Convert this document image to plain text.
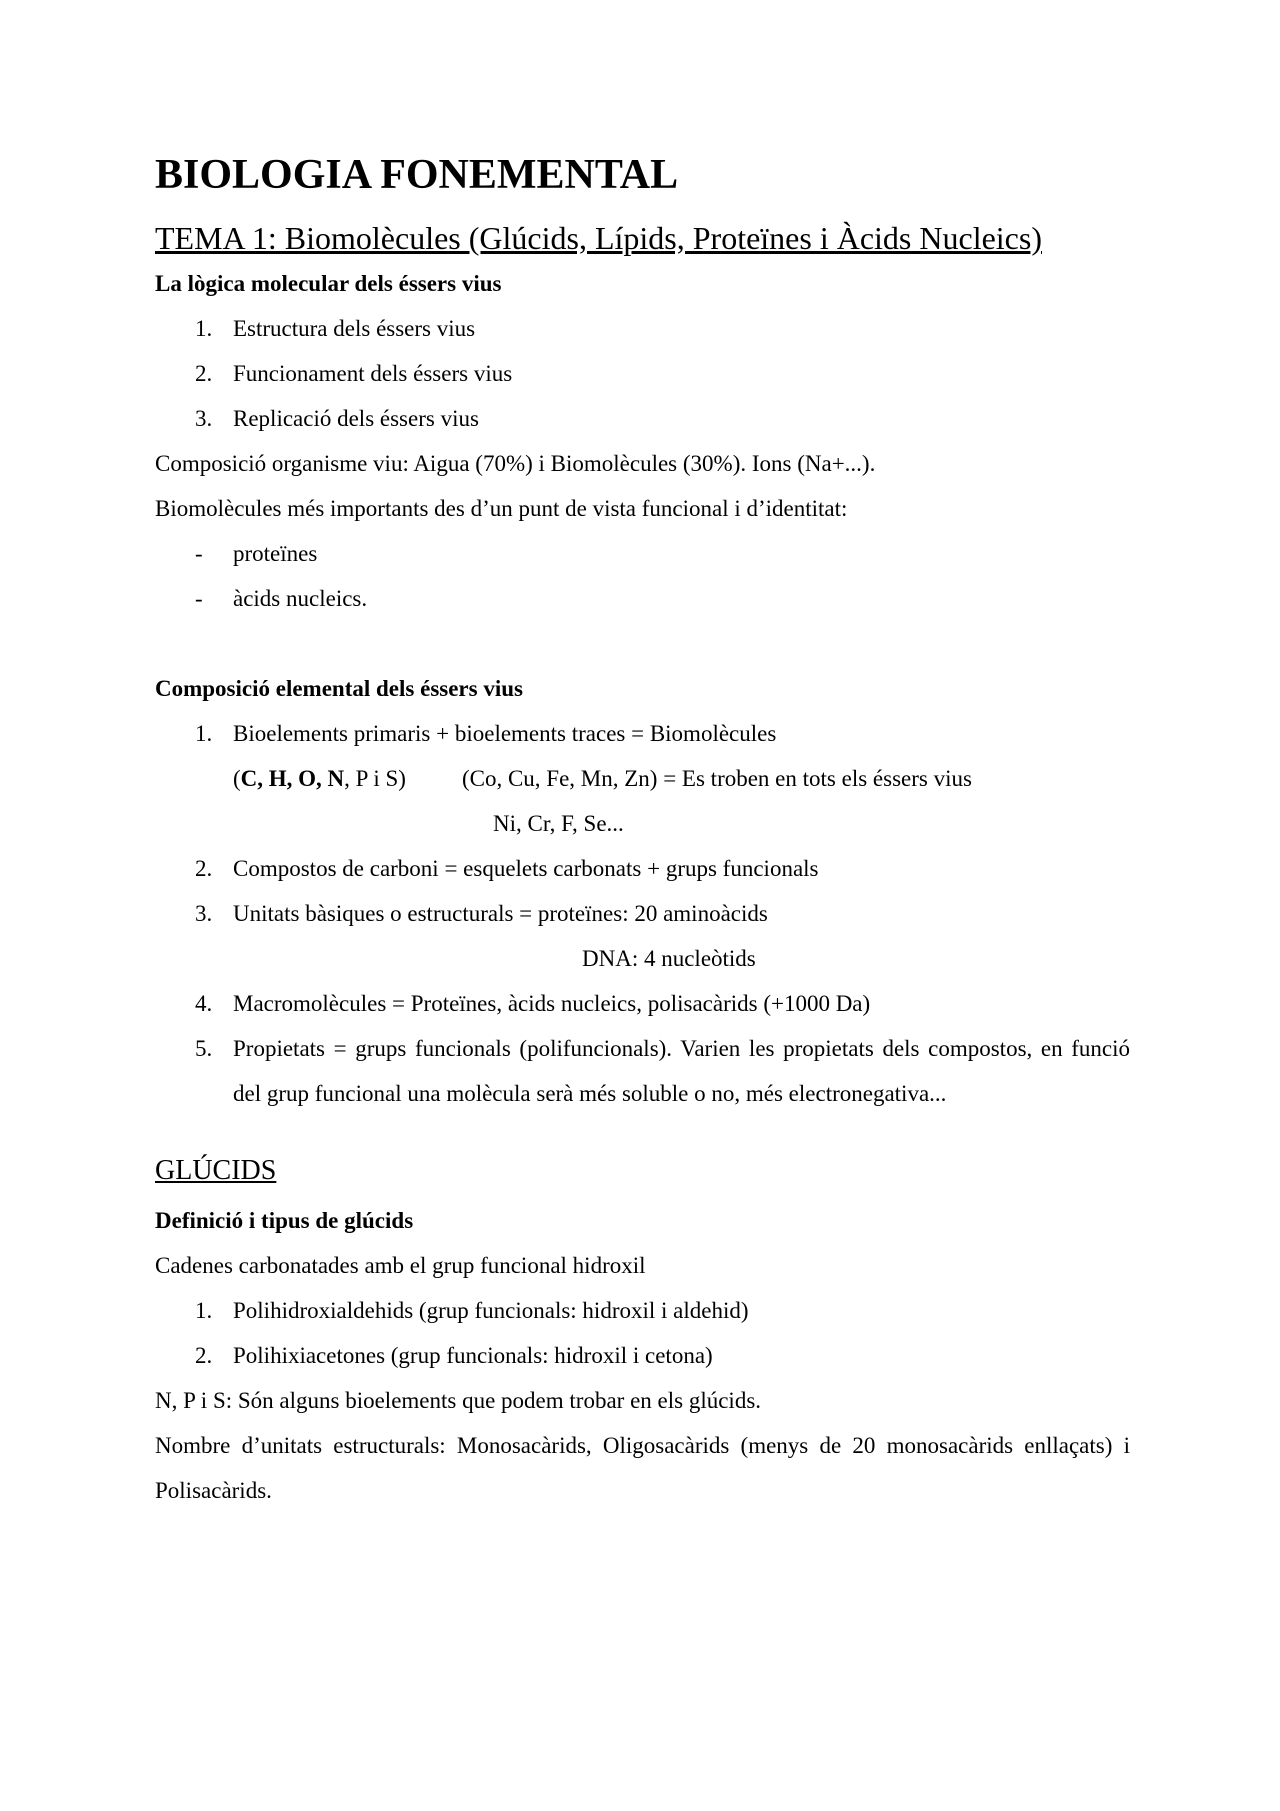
BIOLOGIA FONEMENTAL
TEMA 1: Biomolècules (Glúcids, Lípids, Proteïnes i Àcids Nucleics)
La lògica molecular dels éssers vius
1. Estructura dels éssers vius
2. Funcionament dels éssers vius
3. Replicació dels éssers vius
Composició organisme viu: Aigua (70%) i Biomolècules (30%). Ions (Na+...).
Biomolècules més importants des d’un punt de vista funcional i d’identitat:
- proteïnes
- àcids nucleics.
Composició elemental dels éssers vius
1. Bioelements primaris + bioelements traces = Biomolècules
(C, H, O, N, P i S) (Co, Cu, Fe, Mn, Zn) = Es troben en tots els éssers vius
Ni, Cr, F, Se...
2. Compostos de carboni = esquelets carbonats + grups funcionals
3. Unitats bàsiques o estructurals = proteïnes: 20 aminoàcids
DNA: 4 nucleòtids
4. Macromolècules = Proteïnes, àcids nucleics, polisacàrids (+1000 Da)
5. Propietats = grups funcionals (polifuncionals). Varien les propietats dels compostos, en funció del grup funcional una molècula serà més soluble o no, més electronegativa...
GLÚCIDS
Definició i tipus de glúcids
Cadenes carbonatades amb el grup funcional hidroxil
1. Polihidroxialdehids (grup funcionals: hidroxil i aldehid)
2. Polihixiacetones (grup funcionals: hidroxil i cetona)
N, P i S: Són alguns bioelements que podem trobar en els glúcids.
Nombre d’unitats estructurals: Monosacàrids, Oligosacàrids (menys de 20 monosacàrids enllaçats) i Polisacàrids.
